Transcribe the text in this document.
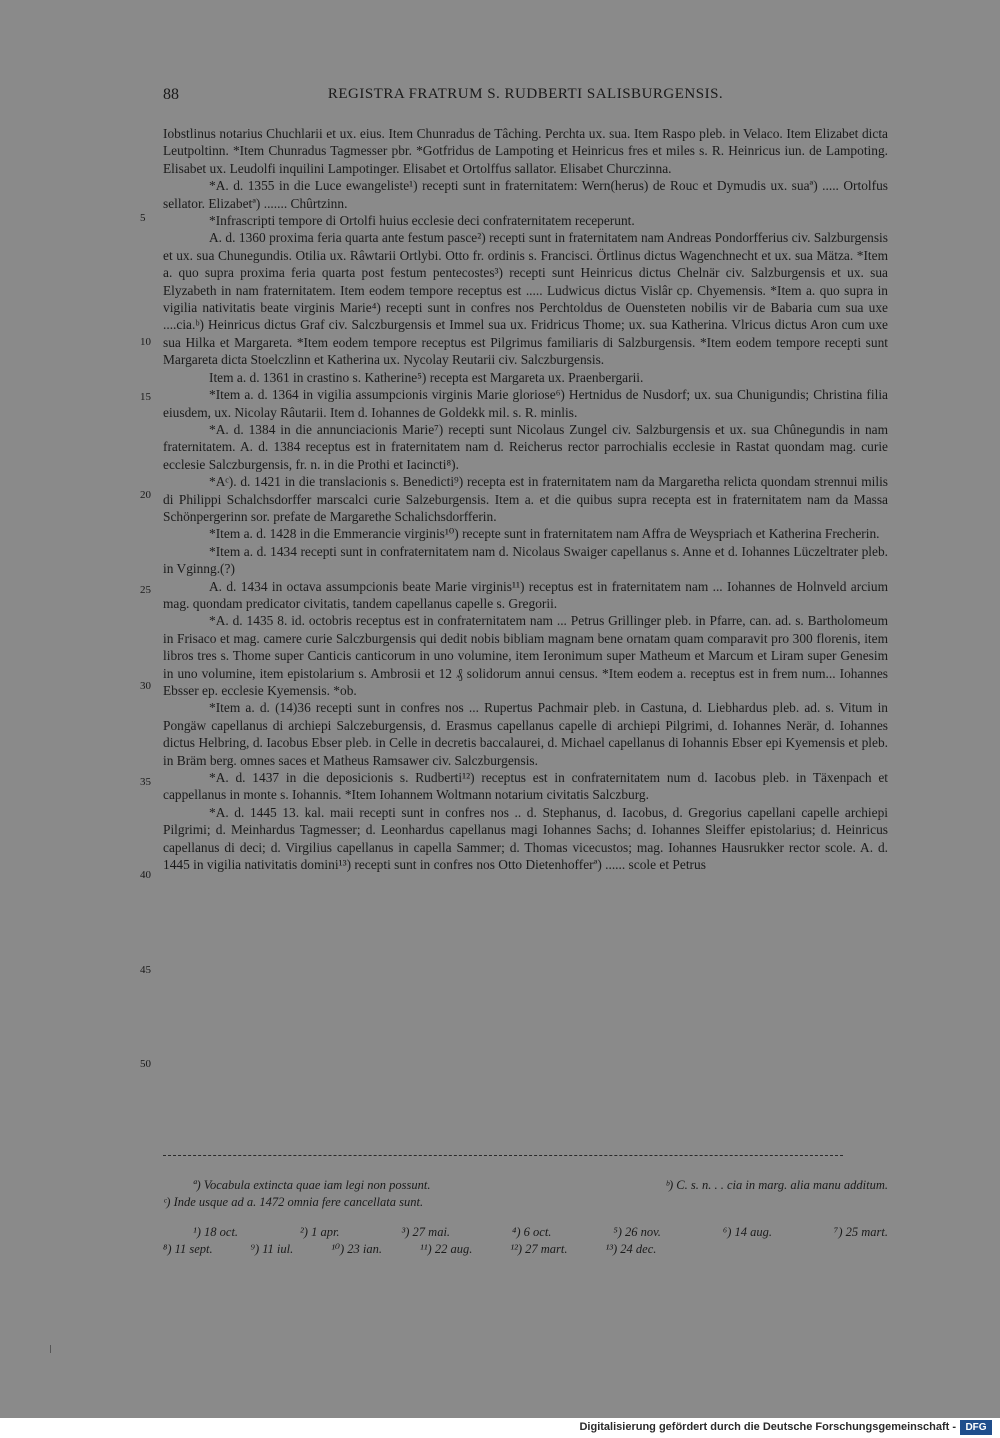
88	REGISTRA FRATRUM S. RUDBERTI SALISBURGENSIS.
5
10
15
20
25
30
35
40
45
50

Iobstlinus notarius Chuchlarii et ux. eius. Item Chunradus de Tâching. Perchta ux. sua. Item Raspo pleb. in Velaco. Item Elizabet dicta Leutpoltinn. *Item Chunradus Tagmesser pbr. *Gotfridus de Lampoting et Heinricus fres et miles s. R. Heinricus iun. de Lampoting. Elisabet ux. Leudolfi inquilini Lampotinger. Elisabet et Ortolffus sallator. Elisabet Churczinna.

*A. d. 1355 in die Luce ewangeliste¹) recepti sunt in fraternitatem: Wern(herus) de Rouc et Dymudis ux. suaª) ..... Ortolfus sellator. Elizabetª) ....... Chûrtzinn.

*Infrascripti tempore di Ortolfi huius ecclesie deci confraternitatem receperunt.

A. d. 1360 proxima feria quarta ante festum pasce²) recepti sunt in fraternitatem nam Andreas Pondorfferius civ. Salzburgensis et ux. sua Chunegundis. Otilia ux. Râwtarii Ortlybi. Otto fr. ordinis s. Francisci. Örtlinus dictus Wagenchnecht et ux. sua Mätza. *Item a. quo supra proxima feria quarta post festum pentecostes³) recepti sunt Heinricus dictus Chelnär civ. Salzburgensis et ux. sua Elyzabeth in nam fraternitatem. Item eodem tempore receptus est ..... Ludwicus dictus Vislâr cp. Chyemensis. *Item a. quo supra in vigilia nativitatis beate virginis Marie⁴) recepti sunt in confres nos Perchtoldus de Ouensteten nobilis vir de Babaria cum sua uxe ....cia.ᵇ) Heinricus dictus Graf civ. Salczburgensis et Immel sua ux. Fridricus Thome; ux. sua Katherina. Vlricus dictus Aron cum uxe sua Hilka et Margareta. *Item eodem tempore receptus est Pilgrimus familiaris di Salzburgensis. *Item eodem tempore recepti sunt Margareta dicta Stoelczlinn et Katherina ux. Nycolay Reutarii civ. Salczburgensis.

Item a. d. 1361 in crastino s. Katherine⁵) recepta est Margareta ux. Praenbergarii.

*Item a. d. 1364 in vigilia assumpcionis virginis Marie gloriose⁶) Hertnidus de Nusdorf; ux. sua Chunigundis; Christina filia eiusdem, ux. Nicolay Râutarii. Item d. Iohannes de Goldekk mil. s. R. minlis.

*A. d. 1384 in die annunciacionis Marie⁷) recepti sunt Nicolaus Zungel civ. Salzburgensis et ux. sua Chûnegundis in nam fraternitatem. A. d. 1384 receptus est in fraternitatem nam d. Reicherus rector parrochialis ecclesie in Rastat quondam mag. curie ecclesie Salczburgensis, fr. n. in die Prothi et Iacincti⁸).

*Aᶜ). d. 1421 in die translacionis s. Benedicti⁹) recepta est in fraternitatem nam da Margaretha relicta quondam strennui milis di Philippi Schalchsdorffer marscalci curie Salzeburgensis. Item a. et die quibus supra recepta est in fraternitatem nam da Massa Schönpergerinn sor. prefate de Margarethe Schalichsdorfferin.

*Item a. d. 1428 in die Emmerancie virginis¹⁰) recepte sunt in fraternitatem nam Affra de Weyspriach et Katherina Frecherin.

*Item a. d. 1434 recepti sunt in confraternitatem nam d. Nicolaus Swaiger capellanus s. Anne et d. Iohannes Lüczeltrater pleb. in Vginng.(?)

A. d. 1434 in octava assumpcionis beate Marie virginis¹¹) receptus est in fraternitatem nam ... Iohannes de Holnveld arcium mag. quondam predicator civitatis, tandem capellanus capelle s. Gregorii.

*A. d. 1435 8. id. octobris receptus est in confraternitatem nam ... Petrus Grillinger pleb. in Pfarre, can. ad. s. Bartholomeum in Frisaco et mag. camere curie Salczburgensis qui dedit nobis bibliam magnam bene ornatam quam comparavit pro 300 florenis, item libros tres s. Thome super Canticis canticorum in uno volumine, item Ieronimum super Matheum et Marcum et Liram super Genesim in uno volumine, item epistolarium s. Ambrosii et 12 ₰ solidorum annui census. *Item eodem a. receptus est in frem num... Iohannes Ebsser ep. ecclesie Kyemensis. *ob.

*Item a. d. (14)36 recepti sunt in confres nos ... Rupertus Pachmair pleb. in Castuna, d. Liebhardus pleb. ad. s. Vitum in Pongäw capellanus di archiepi Salczeburgensis, d. Erasmus capellanus capelle di archiepi Pilgrimi, d. Iohannes Nerär, d. Iohannes dictus Helbring, d. Iacobus Ebser pleb. in Celle in decretis baccalaurei, d. Michael capellanus di Iohannis Ebser epi Kyemensis et pleb. in Bräm berg. omnes saces et Matheus Ramsawer civ. Salczburgensis.

*A. d. 1437 in die deposicionis s. Rudberti¹²) receptus est in confraternitatem num d. Iacobus pleb. in Täxenpach et cappellanus in monte s. Iohannis. *Item Iohannem Woltmann notarium civitatis Salczburg.

*A. d. 1445 13. kal. maii recepti sunt in confres nos .. d. Stephanus, d. Iacobus, d. Gregorius capellani capelle archiepi Pilgrimi; d. Meinhardus Tagmesser; d. Leonhardus capellanus magi Iohannes Sachs; d. Iohannes Sleiffer epistolarius; d. Heinricus capellanus di deci; d. Virgilius capellanus in capella Sammer; d. Thomas vicecustos; mag. Iohannes Hausrukker rector scole. A. d. 1445 in vigilia nativitatis domini¹³) recepti sunt in confres nos Otto Dietenhofferª) ...... scole et Petrus

ª) Vocabula extincta quae iam legi non possunt.	ᵇ) C. s. n. . . cia in marg. alia manu additum.
ᶜ) Inde usque ad a. 1472 omnia fere cancellata sunt.
¹) 18 oct.	²) 1 apr.	³) 27 mai.	⁴) 6 oct.	⁵) 26 nov.	⁶) 14 aug.	⁷) 25 mart.
⁸) 11 sept.	⁹) 11 iul.	¹⁰) 23 ian.	¹¹) 22 aug.	¹²) 27 mart.	¹³) 24 dec.
Digitalisierung gefördert durch die Deutsche Forschungsgemeinschaft - DFG
